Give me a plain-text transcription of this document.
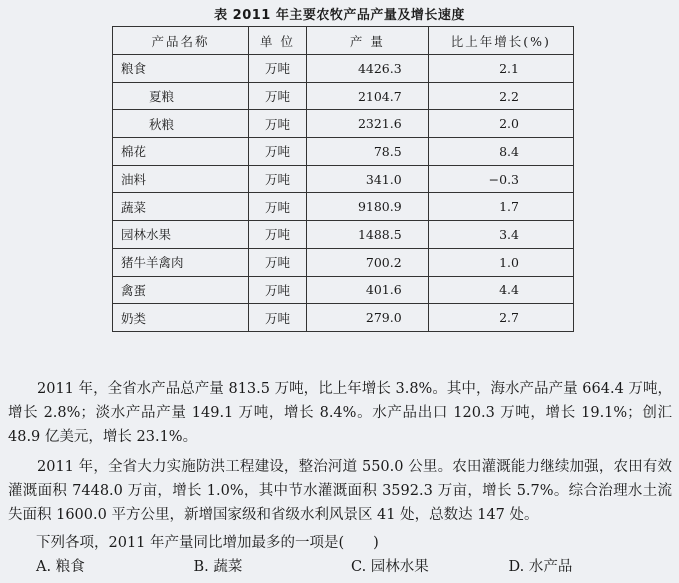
表 2011 年主要农牧产品产量及增长速度
产品名称	单 位	产 量	比上年增长(%)
粮食	万吨	4426.3	2.1
夏粮	万吨	2104.7	2.2
秋粮	万吨	2321.6	2.0
棉花	万吨	78.5	8.4
油料	万吨	341.0	−0.3
蔬菜	万吨	9180.9	1.7
园林水果	万吨	1488.5	3.4
猪牛羊禽肉	万吨	700.2	1.0
禽蛋	万吨	401.6	4.4
奶类	万吨	279.0	2.7

2011 年，全省水产品总产量 813.5 万吨，比上年增长 3.8%。其中，海水产品产量 664.4 万吨，增长 2.8%；淡水产品产量 149.1 万吨，增长 8.4%。水产品出口 120.3 万吨，增长 19.1%；创汇 48.9 亿美元，增长 23.1%。

2011 年，全省大力实施防洪工程建设，整治河道 550.0 公里。农田灌溉能力继续加强，农田有效灌溉面积 7448.0 万亩，增长 1.0%，其中节水灌溉面积 3592.3 万亩，增长 5.7%。综合治理水土流失面积 1600.0 平方公里，新增国家级和省级水利风景区 41 处，总数达 147 处。

下列各项，2011 年产量同比增加最多的一项是(　　)

A. 粮食	B. 蔬菜	C. 园林水果	D. 水产品
